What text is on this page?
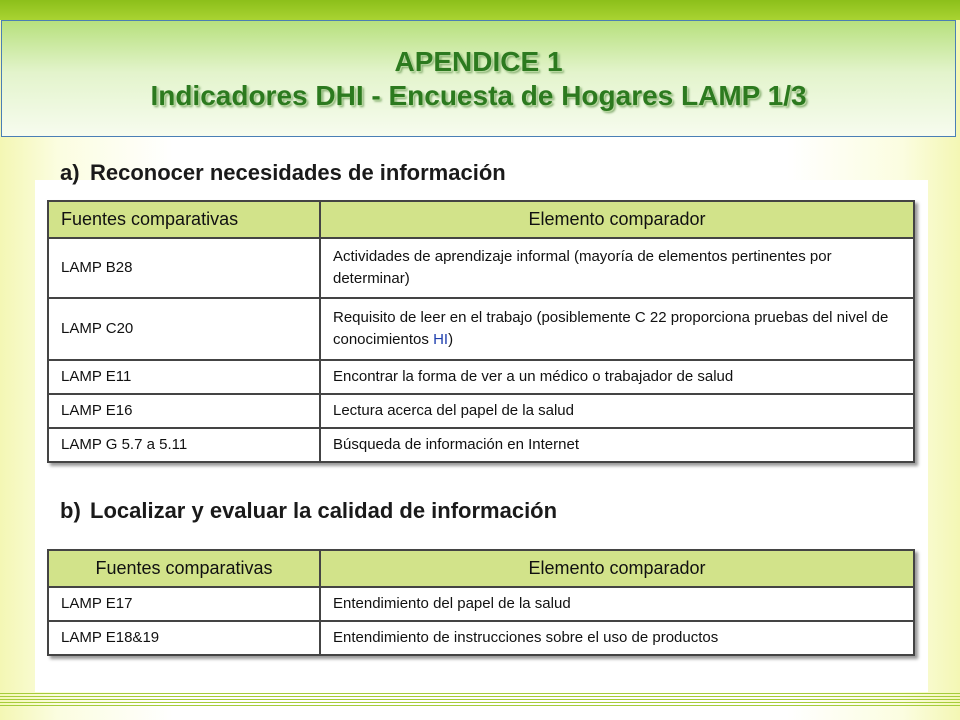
APENDICE 1
Indicadores DHI - Encuesta de Hogares LAMP 1/3
a) Reconocer necesidades de información
Fuentes comparativas	Elemento comparador
LAMP B28	Actividades de aprendizaje informal (mayoría de elementos pertinentes por determinar)
LAMP C20	Requisito de leer en el trabajo (posiblemente C 22 proporciona pruebas del nivel de conocimientos HI)
LAMP E11	Encontrar la forma de ver a un médico o trabajador de salud
LAMP E16	Lectura acerca del papel de la salud
LAMP G 5.7 a 5.11	Búsqueda de información en Internet
b) Localizar y evaluar la calidad de información
Fuentes comparativas	Elemento comparador
LAMP E17	Entendimiento del papel de la salud
LAMP E18&19	Entendimiento de instrucciones sobre el uso de productos
